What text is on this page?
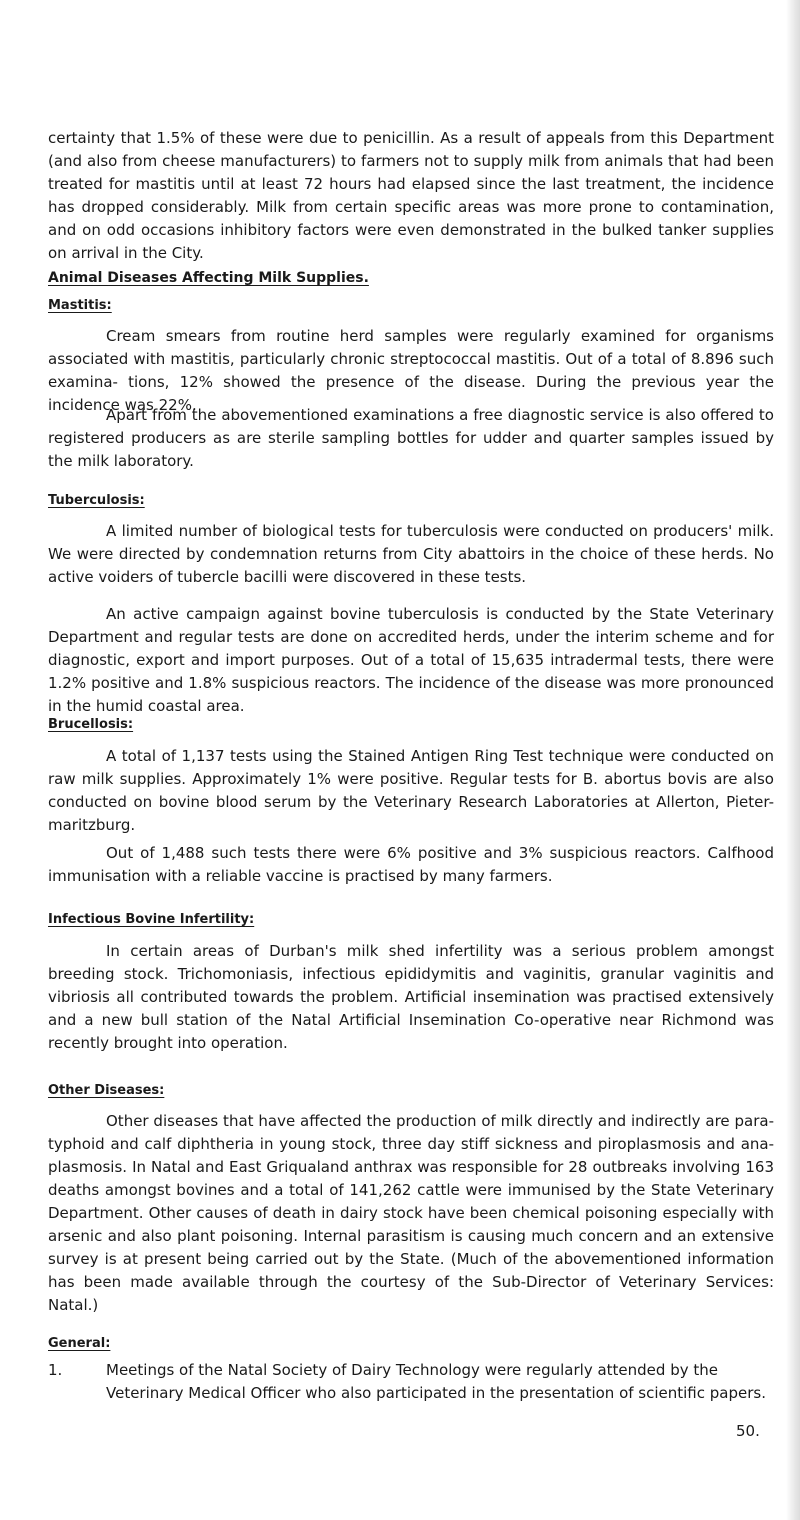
certainty that 1.5% of these were due to penicillin. As a result of appeals from this Department (and also from cheese manufacturers) to farmers not to supply milk from animals that had been treated for mastitis until at least 72 hours had elapsed since the last treatment, the incidence has dropped considerably. Milk from certain specific areas was more prone to contamination, and on odd occasions inhibitory factors were even demonstrated in the bulked tanker supplies on arrival in the City.

Animal Diseases Affecting Milk Supplies.
Mastitis:

Cream smears from routine herd samples were regularly examined for organisms associated with mastitis, particularly chronic streptococcal mastitis. Out of a total of 8.896 such examina- tions, 12% showed the presence of the disease. During the previous year the incidence was 22%.

Apart from the abovementioned examinations a free diagnostic service is also offered to registered producers as are sterile sampling bottles for udder and quarter samples issued by the milk laboratory.

Tuberculosis:

A limited number of biological tests for tuberculosis were conducted on producers' milk. We were directed by condemnation returns from City abattoirs in the choice of these herds. No active voiders of tubercle bacilli were discovered in these tests.

An active campaign against bovine tuberculosis is conducted by the State Veterinary Department and regular tests are done on accredited herds, under the interim scheme and for diagnostic, export and import purposes. Out of a total of 15,635 intradermal tests, there were 1.2% positive and 1.8% suspicious reactors. The incidence of the disease was more pronounced in the humid coastal area.

Brucellosis:

A total of 1,137 tests using the Stained Antigen Ring Test technique were conducted on raw milk supplies. Approximately 1% were positive. Regular tests for B. abortus bovis are also conducted on bovine blood serum by the Veterinary Research Laboratories at Allerton, Pieter- maritzburg.

Out of 1,488 such tests there were 6% positive and 3% suspicious reactors. Calfhood immunisation with a reliable vaccine is practised by many farmers.

Infectious Bovine Infertility:

In certain areas of Durban's milk shed infertility was a serious problem amongst breeding stock. Trichomoniasis, infectious epididymitis and vaginitis, granular vaginitis and vibriosis all contributed towards the problem. Artificial insemination was practised extensively and a new bull station of the Natal Artificial Insemination Co-operative near Richmond was recently brought into operation.

Other Diseases:

Other diseases that have affected the production of milk directly and indirectly are para- typhoid and calf diphtheria in young stock, three day stiff sickness and piroplasmosis and ana- plasmosis. In Natal and East Griqualand anthrax was responsible for 28 outbreaks involving 163 deaths amongst bovines and a total of 141,262 cattle were immunised by the State Veterinary Department. Other causes of death in dairy stock have been chemical poisoning especially with arsenic and also plant poisoning. Internal parasitism is causing much concern and an extensive survey is at present being carried out by the State. (Much of the abovementioned information has been made available through the courtesy of the Sub-Director of Veterinary Services: Natal.)

General:

1.	Meetings of the Natal Society of Dairy Technology were regularly attended by the Veterinary Medical Officer who also participated in the presentation of scientific papers.

50.
